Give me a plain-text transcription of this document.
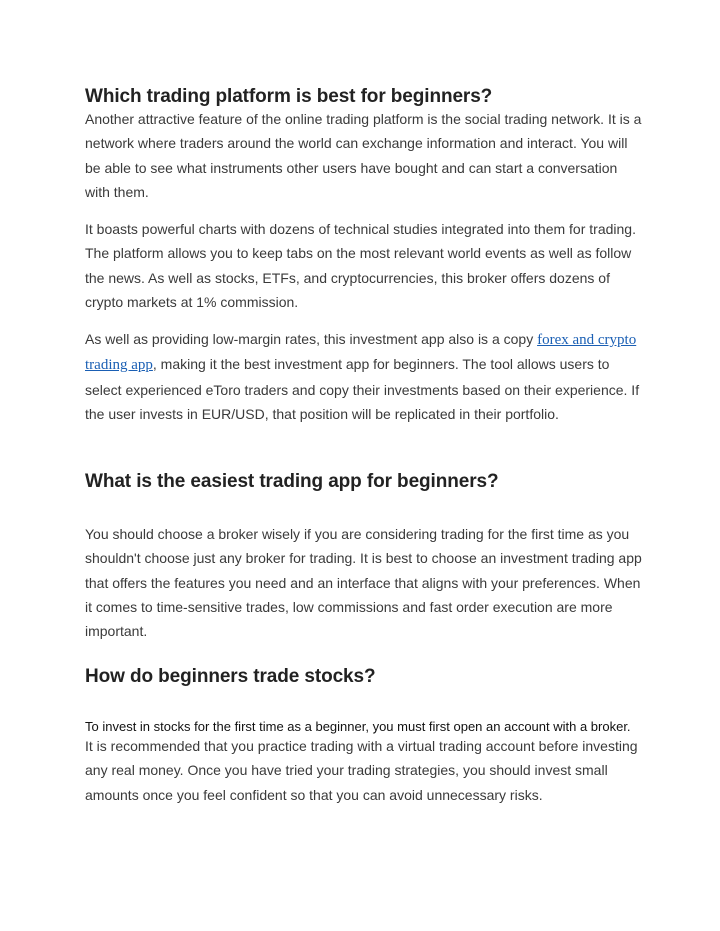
Which trading platform is best for beginners?

Another attractive feature of the online trading platform is the social trading network. It is a network where traders around the world can exchange information and interact. You will be able to see what instruments other users have bought and can start a conversation with them.

It boasts powerful charts with dozens of technical studies integrated into them for trading. The platform allows you to keep tabs on the most relevant world events as well as follow the news. As well as stocks, ETFs, and cryptocurrencies, this broker offers dozens of crypto markets at 1% commission.

As well as providing low-margin rates, this investment app also is a copy forex and crypto trading app, making it the best investment app for beginners. The tool allows users to select experienced eToro traders and copy their investments based on their experience. If the user invests in EUR/USD, that position will be replicated in their portfolio.

What is the easiest trading app for beginners?

You should choose a broker wisely if you are considering trading for the first time as you shouldn't choose just any broker for trading. It is best to choose an investment trading app that offers the features you need and an interface that aligns with your preferences. When it comes to time-sensitive trades, low commissions and fast order execution are more important.

How do beginners trade stocks?

To invest in stocks for the first time as a beginner, you must first open an account with a broker.

It is recommended that you practice trading with a virtual trading account before investing any real money. Once you have tried your trading strategies, you should invest small amounts once you feel confident so that you can avoid unnecessary risks.
